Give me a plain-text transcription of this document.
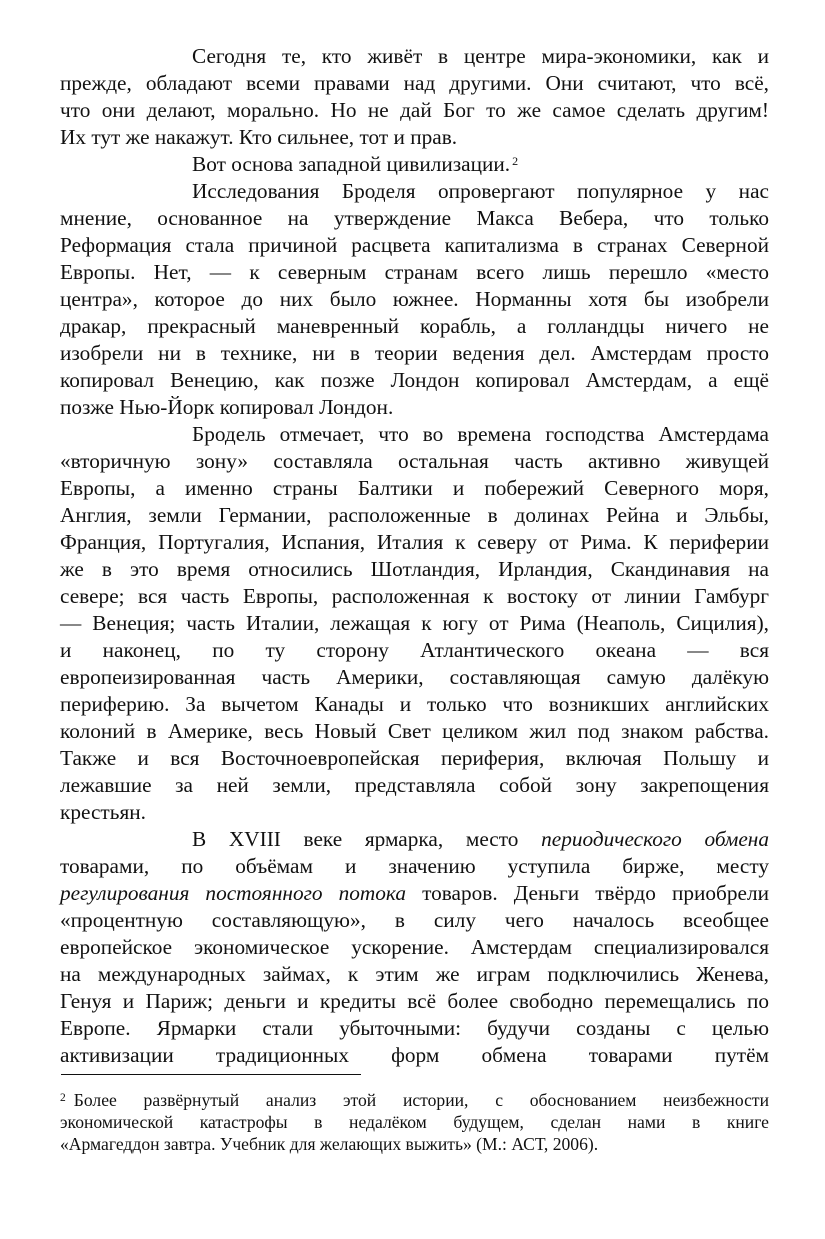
Сегодня те, кто живёт в центре мира-экономики, как и
прежде, обладают всеми правами над другими. Они считают, что всё,
что они делают, морально. Но не дай Бог то же самое сделать другим!
Их тут же накажут. Кто сильнее, тот и прав.

Вот основа западной цивилизации. $^2$

Исследования Броделя опровергают популярное у нас
мнение, основанное на утверждение Макса Вебера, что только
Реформация стала причиной расцвета капитализма в странах Северной
Европы. Нет, — к северным странам всего лишь перешло «место
центра», которое до них было южнее. Норманны хотя бы изобрели
дракар, прекрасный маневренный корабль, а голландцы ничего не
изобрели ни в технике, ни в теории ведения дел. Амстердам просто
копировал Венецию, как позже Лондон копировал Амстердам, а ещё
позже Нью-Йорк копировал Лондон.

Бродель отмечает, что во времена господства Амстердама
«вторичную зону» составляла остальная часть активно живущей
Европы, а именно страны Балтики и побережий Северного моря,
Англия, земли Германии, расположенные в долинах Рейна и Эльбы,
Франция, Португалия, Испания, Италия к северу от Рима. К периферии
же в это время относились Шотландия, Ирландия, Скандинавия на
севере; вся часть Европы, расположенная к востоку от линии Гамбург
— Венеция; часть Италии, лежащая к югу от Рима (Неаполь, Сицилия),
и наконец, по ту сторону Атлантического океана — вся
европеизированная часть Америки, составляющая самую далёкую
периферию. За вычетом Канады и только что возникших английских
колоний в Америке, весь Новый Свет целиком жил под знаком рабства.
Также и вся Восточноевропейская периферия, включая Польшу и
лежавшие за ней земли, представляла собой зону закрепощения
крестьян.

В XVIII веке ярмарка, место периодического обмена
товарами, по объёмам и значению уступила бирже, месту
регулирования постоянного потока товаров. Деньги твёрдо приобрели
«процентную составляющую», в силу чего началось всеобщее
европейское экономическое ускорение. Амстердам специализировался
на международных займах, к этим же играм подключились Женева,
Генуя и Париж; деньги и кредиты всё более свободно перемещались по
Европе. Ярмарки стали убыточными: будучи созданы с целью
активизации традиционных форм обмена товарами путём

$^2$ Более развёрнутый анализ этой истории, с обоснованием неизбежности
экономической катастрофы в недалёком будущем, сделан нами в книге
«Армагеддон завтра. Учебник для желающих выжить» (М.: АСТ, 2006).
